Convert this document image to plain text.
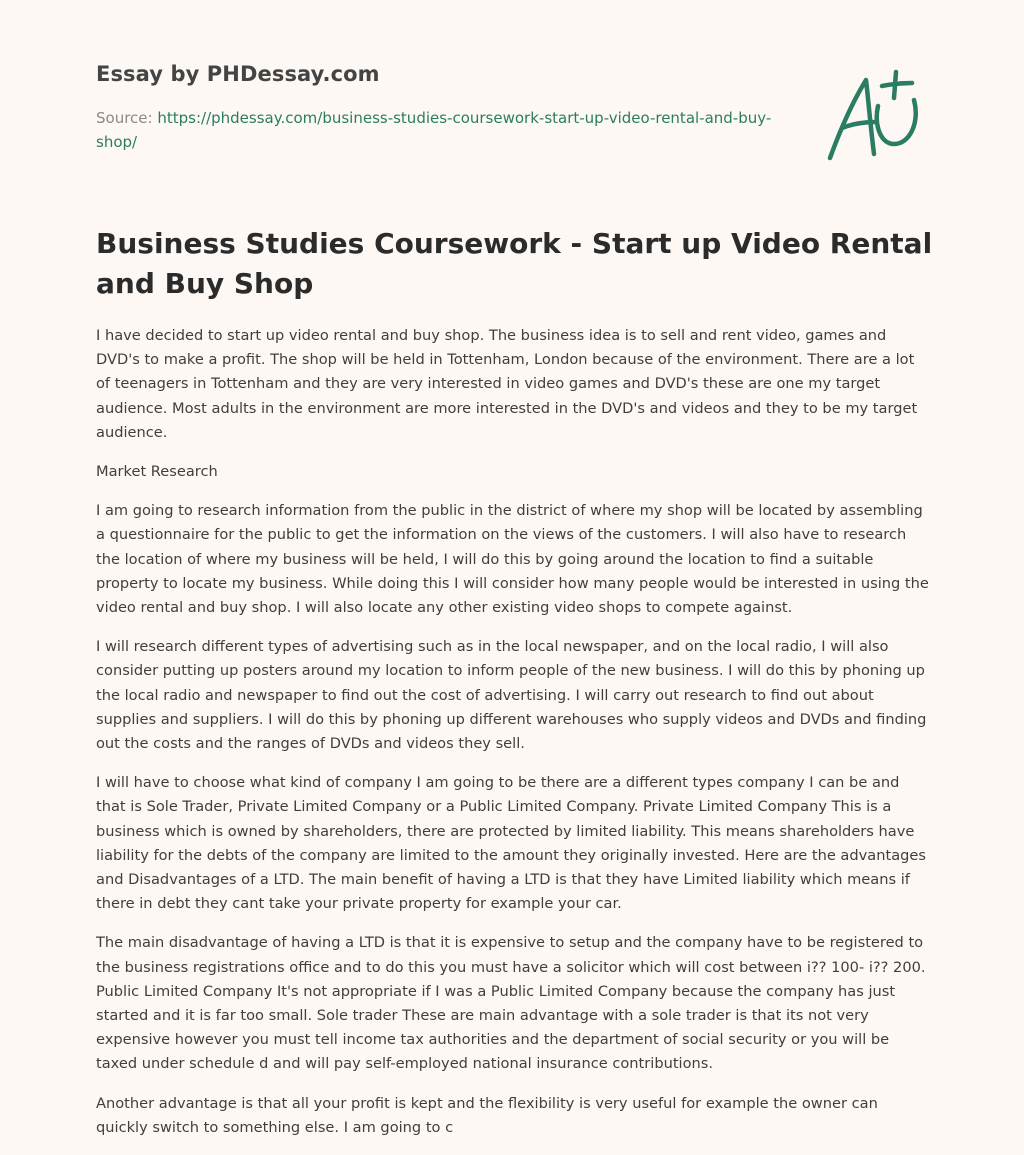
Essay by PHDessay.com
Source: https://phdessay.com/business-studies-coursework-start-up-video-rental-and-buy-shop/
Business Studies Coursework - Start up Video Rental and Buy Shop

I have decided to start up video rental and buy shop. The business idea is to sell and rent video, games and DVD's to make a profit. The shop will be held in Tottenham, London because of the environment. There are a lot of teenagers in Tottenham and they are very interested in video games and DVD's these are one my target audience. Most adults in the environment are more interested in the DVD's and videos and they to be my target audience.

Market Research

I am going to research information from the public in the district of where my shop will be located by assembling a questionnaire for the public to get the information on the views of the customers. I will also have to research the location of where my business will be held, I will do this by going around the location to find a suitable property to locate my business. While doing this I will consider how many people would be interested in using the video rental and buy shop. I will also locate any other existing video shops to compete against.

I will research different types of advertising such as in the local newspaper, and on the local radio, I will also consider putting up posters around my location to inform people of the new business. I will do this by phoning up the local radio and newspaper to find out the cost of advertising. I will carry out research to find out about supplies and suppliers. I will do this by phoning up different warehouses who supply videos and DVDs and finding out the costs and the ranges of DVDs and videos they sell.

I will have to choose what kind of company I am going to be there are a different types company I can be and that is Sole Trader, Private Limited Company or a Public Limited Company. Private Limited Company This is a business which is owned by shareholders, there are protected by limited liability. This means shareholders have liability for the debts of the company are limited to the amount they originally invested. Here are the advantages and Disadvantages of a LTD. The main benefit of having a LTD is that they have Limited liability which means if there in debt they cant take your private property for example your car.

The main disadvantage of having a LTD is that it is expensive to setup and the company have to be registered to the business registrations office and to do this you must have a solicitor which will cost between i?? 100- i?? 200. Public Limited Company It's not appropriate if I was a Public Limited Company because the company has just started and it is far too small. Sole trader These are main advantage with a sole trader is that its not very expensive however you must tell income tax authorities and the department of social security or you will be taxed under schedule d and will pay self-employed national insurance contributions.

Another advantage is that all your profit is kept and the flexibility is very useful for example the owner can quickly switch to something else. I am going to c
